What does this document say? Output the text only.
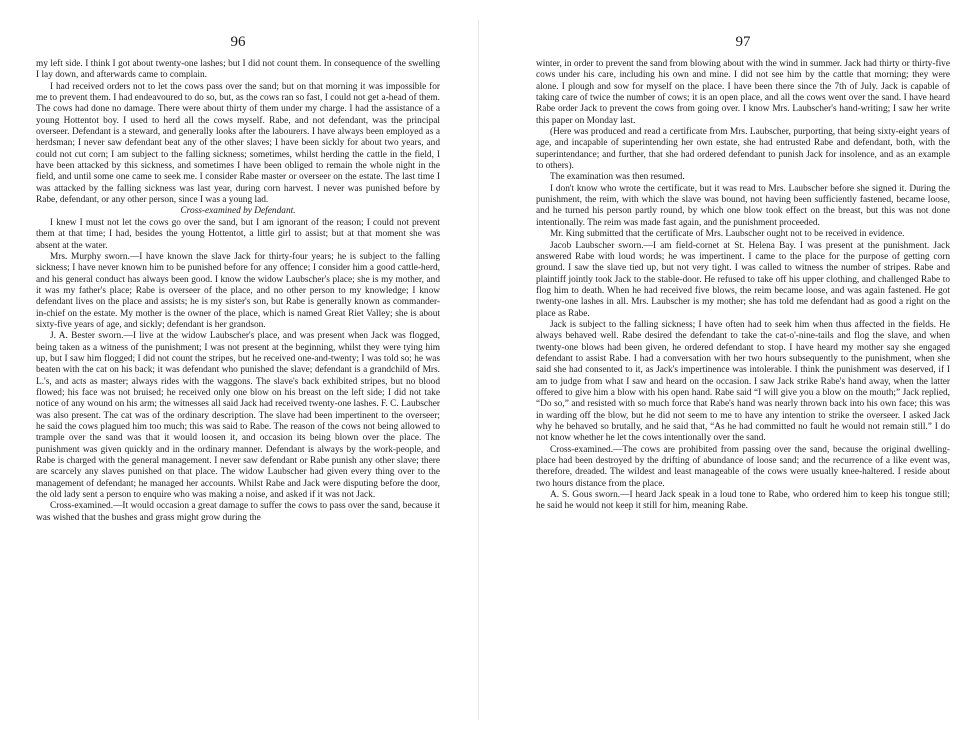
96

my left side. I think I got about twenty-one lashes; but I did not count them. In consequence of the swelling I lay down, and afterwards came to complain.

I had received orders not to let the cows pass over the sand; but on that morning it was impossible for me to prevent them. I had endeavoured to do so, but, as the cows ran so fast, I could not get a-head of them. The cows had done no damage. There were about thirty of them under my charge. I had the assistance of a young Hottentot boy. I used to herd all the cows myself. Rabe, and not defendant, was the principal overseer. Defendant is a steward, and generally looks after the labourers. I have always been employed as a herdsman; I never saw defendant beat any of the other slaves; I have been sickly for about two years, and could not cut corn; I am subject to the falling sickness; sometimes, whilst herding the cattle in the field, I have been attacked by this sickness, and sometimes I have been obliged to remain the whole night in the field, and until some one came to seek me. I consider Rabe master or overseer on the estate. The last time I was attacked by the falling sickness was last year, during corn harvest. I never was punished before by Rabe, defendant, or any other person, since I was a young lad.

Cross-examined by Defendant.

I knew I must not let the cows go over the sand, but I am ignorant of the reason; I could not prevent them at that time; I had, besides the young Hottentot, a little girl to assist; but at that moment she was absent at the water.

Mrs. Murphy sworn.—I have known the slave Jack for thirty-four years; he is subject to the falling sickness; I have never known him to be punished before for any offence; I consider him a good cattle-herd, and his general conduct has always been good. I know the widow Laubscher's place; she is my mother, and it was my father's place; Rabe is overseer of the place, and no other person to my knowledge; I know defendant lives on the place and assists; he is my sister's son, but Rabe is generally known as commander-in-chief on the estate. My mother is the owner of the place, which is named Great Riet Valley; she is about sixty-five years of age, and sickly; defendant is her grandson.

J. A. Bester sworn.—I live at the widow Laubscher's place, and was present when Jack was flogged, being taken as a witness of the punishment; I was not present at the beginning, whilst they were tying him up, but I saw him flogged; I did not count the stripes, but he received one-and-twenty; I was told so; he was beaten with the cat on his back; it was defendant who punished the slave; defendant is a grandchild of Mrs. L.'s, and acts as master; always rides with the waggons. The slave's back exhibited stripes, but no blood flowed; his face was not bruised; he received only one blow on his breast on the left side; I did not take notice of any wound on his arm; the witnesses all said Jack had received twenty-one lashes. F. C. Laubscher was also present. The cat was of the ordinary description. The slave had been impertinent to the overseer; he said the cows plagued him too much; this was said to Rabe. The reason of the cows not being allowed to trample over the sand was that it would loosen it, and occasion its being blown over the place. The punishment was given quickly and in the ordinary manner. Defendant is always by the work-people, and Rabe is charged with the general management. I never saw defendant or Rabe punish any other slave; there are scarcely any slaves punished on that place. The widow Laubscher had given every thing over to the management of defendant; he managed her accounts. Whilst Rabe and Jack were disputing before the door, the old lady sent a person to enquire who was making a noise, and asked if it was not Jack.

Cross-examined.—It would occasion a great damage to suffer the cows to pass over the sand, because it was wished that the bushes and grass might grow during the

97

winter, in order to prevent the sand from blowing about with the wind in summer. Jack had thirty or thirty-five cows under his care, including his own and mine. I did not see him by the cattle that morning; they were alone. I plough and sow for myself on the place. I have been there since the 7th of July. Jack is capable of taking care of twice the number of cows; it is an open place, and all the cows went over the sand. I have heard Rabe order Jack to prevent the cows from going over. I know Mrs. Laubscher's hand-writing; I saw her write this paper on Monday last.

(Here was produced and read a certificate from Mrs. Laubscher, purporting, that being sixty-eight years of age, and incapable of superintending her own estate, she had entrusted Rabe and defendant, both, with the superintendance; and further, that she had ordered defendant to punish Jack for insolence, and as an example to others).

The examination was then resumed.

I don't know who wrote the certificate, but it was read to Mrs. Laubscher before she signed it. During the punishment, the reim, with which the slave was bound, not having been sufficiently fastened, became loose, and he turned his person partly round, by which one blow took effect on the breast, but this was not done intentionally. The reim was made fast again, and the punishment proceeded.

Mr. King submitted that the certificate of Mrs. Laubscher ought not to be received in evidence.

Jacob Laubscher sworn.—I am field-cornet at St. Helena Bay. I was present at the punishment. Jack answered Rabe with loud words; he was impertinent. I came to the place for the purpose of getting corn ground. I saw the slave tied up, but not very tight. I was called to witness the number of stripes. Rabe and plaintiff jointly took Jack to the stable-door. He refused to take off his upper clothing, and challenged Rabe to flog him to death. When he had received five blows, the reim became loose, and was again fastened. He got twenty-one lashes in all. Mrs. Laubscher is my mother; she has told me defendant had as good a right on the place as Rabe.

Jack is subject to the falling sickness; I have often had to seek him when thus affected in the fields. He always behaved well. Rabe desired the defendant to take the cat-o'-nine-tails and flog the slave, and when twenty-one blows had been given, he ordered defendant to stop. I have heard my mother say she engaged defendant to assist Rabe. I had a conversation with her two hours subsequently to the punishment, when she said she had consented to it, as Jack's impertinence was intolerable. I think the punishment was deserved, if I am to judge from what I saw and heard on the occasion. I saw Jack strike Rabe's hand away, when the latter offered to give him a blow with his open hand. Rabe said “I will give you a blow on the mouth;” Jack replied, “Do so,” and resisted with so much force that Rabe's hand was nearly thrown back into his own face; this was in warding off the blow, but he did not seem to me to have any intention to strike the overseer. I asked Jack why he behaved so brutally, and he said that, “As he had committed no fault he would not remain still.” I do not know whether he let the cows intentionally over the sand.

Cross-examined.—The cows are prohibited from passing over the sand, because the original dwelling-place had been destroyed by the drifting of abundance of loose sand; and the recurrence of a like event was, therefore, dreaded. The wildest and least manageable of the cows were usually knee-haltered. I reside about two hours distance from the place.

A. S. Gous sworn.—I heard Jack speak in a loud tone to Rabe, who ordered him to keep his tongue still; he said he would not keep it still for him, meaning Rabe.
